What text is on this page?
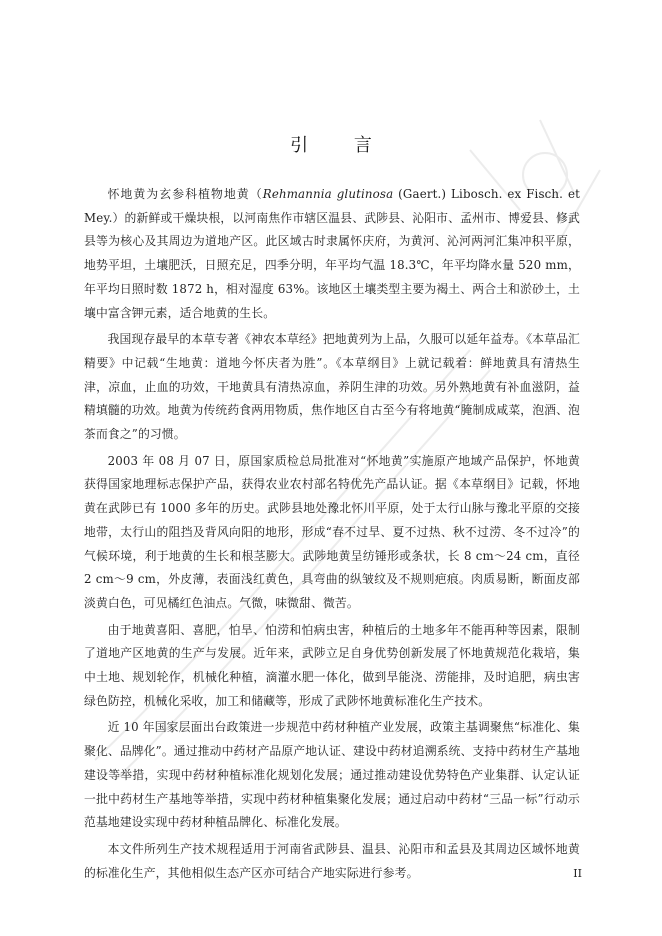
引 言

怀地黄为玄参科植物地黄（Rehmannia glutinosa (Gaert.) Libosch. ex Fisch. et Mey.）的新鲜或干燥块根，以河南焦作市辖区温县、武陟县、沁阳市、孟州市、博爱县、修武县等为核心及其周边为道地产区。此区域古时隶属怀庆府，为黄河、沁河两河汇集冲积平原，地势平坦，土壤肥沃，日照充足，四季分明，年平均气温 18.3℃，年平均降水量 520 mm，年平均日照时数 1872 h，相对湿度 63%。该地区土壤类型主要为褐土、两合土和淤砂土，土壤中富含钾元素，适合地黄的生长。

我国现存最早的本草专著《神农本草经》把地黄列为上品，久服可以延年益寿。《本草品汇精要》中记载“生地黄：道地今怀庆者为胜”。《本草纲目》上就记载着：鲜地黄具有清热生津，凉血，止血的功效，干地黄具有清热凉血，养阴生津的功效。另外熟地黄有补血滋阴，益精填髓的功效。地黄为传统药食两用物质，焦作地区自古至今有将地黄“腌制成咸菜，泡酒、泡茶而食之”的习惯。

2003 年 08 月 07 日，原国家质检总局批准对“怀地黄”实施原产地域产品保护，怀地黄获得国家地理标志保护产品，获得农业农村部名特优先产品认证。据《本草纲目》记载，怀地黄在武陟已有 1000 多年的历史。武陟县地处豫北怀川平原，处于太行山脉与豫北平原的交接地带，太行山的阻挡及背风向阳的地形，形成“春不过旱、夏不过热、秋不过涝、冬不过冷”的气候环境，利于地黄的生长和根茎膨大。武陟地黄呈纺锤形或条状，长 8 cm～24 cm，直径 2 cm～9 cm，外皮薄，表面浅红黄色，具弯曲的纵皱纹及不规则疤痕。肉质易断，断面皮部淡黄白色，可见橘红色油点。气微，味微甜、微苦。

由于地黄喜阳、喜肥，怕旱、怕涝和怕病虫害，种植后的土地多年不能再种等因素，限制了道地产区地黄的生产与发展。近年来，武陟立足自身优势创新发展了怀地黄规范化栽培，集中土地、规划轮作，机械化种植，滴灌水肥一体化，做到旱能浇、涝能排，及时追肥，病虫害绿色防控，机械化采收，加工和储藏等，形成了武陟怀地黄标准化生产技术。

近 10 年国家层面出台政策进一步规范中药材种植产业发展，政策主基调聚焦“标准化、集聚化、品牌化”。通过推动中药材产品原产地认证、建设中药材追溯系统、支持中药材生产基地建设等举措，实现中药材种植标准化规划化发展；通过推动建设优势特色产业集群、认定认证一批中药材生产基地等举措，实现中药材种植集聚化发展；通过启动中药材“三品一标”行动示范基地建设实现中药材种植品牌化、标准化发展。

本文件所列生产技术规程适用于河南省武陟县、温县、沁阳市和孟县及其周边区域怀地黄的标准化生产，其他相似生态产区亦可结合产地实际进行参考。	II
